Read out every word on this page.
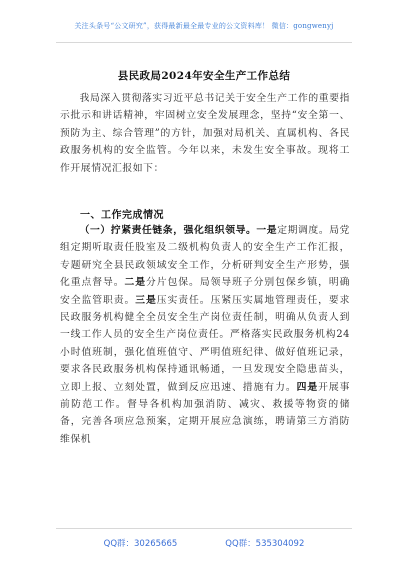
关注头条号“公文研究”，获得最新最全最专业的公文资料库！ 微信：gongwenyj
县民政局2024年安全生产工作总结
我局深入贯彻落实习近平总书记关于安全生产工作的重要指示批示和讲话精神，牢固树立安全发展理念，坚持“安全第一、预防为主、综合管理”的方针，加强对局机关、直属机构、各民政服务机构的安全监管。今年以来，未发生安全事故。现将工作开展情况汇报如下：
一、工作完成情况
（一）拧紧责任链条，强化组织领导。一是定期调度。局党组定期听取责任股室及二级机构负责人的安全生产工作汇报，专题研究全县民政领域安全工作，分析研判安全生产形势，强化重点督导。二是分片包保。局领导班子分别包保乡镇，明确安全监管职责。三是压实责任。压紧压实属地管理责任，要求民政服务机构健全全员安全生产岗位责任制，明确从负责人到一线工作人员的安全生产岗位责任。严格落实民政服务机构24小时值班制，强化值班值守、严明值班纪律、做好值班记录，要求各民政服务机构保持通讯畅通，一旦发现安全隐患苗头，立即上报、立刻处置，做到反应迅速、措施有力。四是开展事前防范工作。督导各机构加强消防、减灾、救援等物资的储备，完善各项应急预案，定期开展应急演练，聘请第三方消防维保机
QQ群：30265665	QQ群：535304092
